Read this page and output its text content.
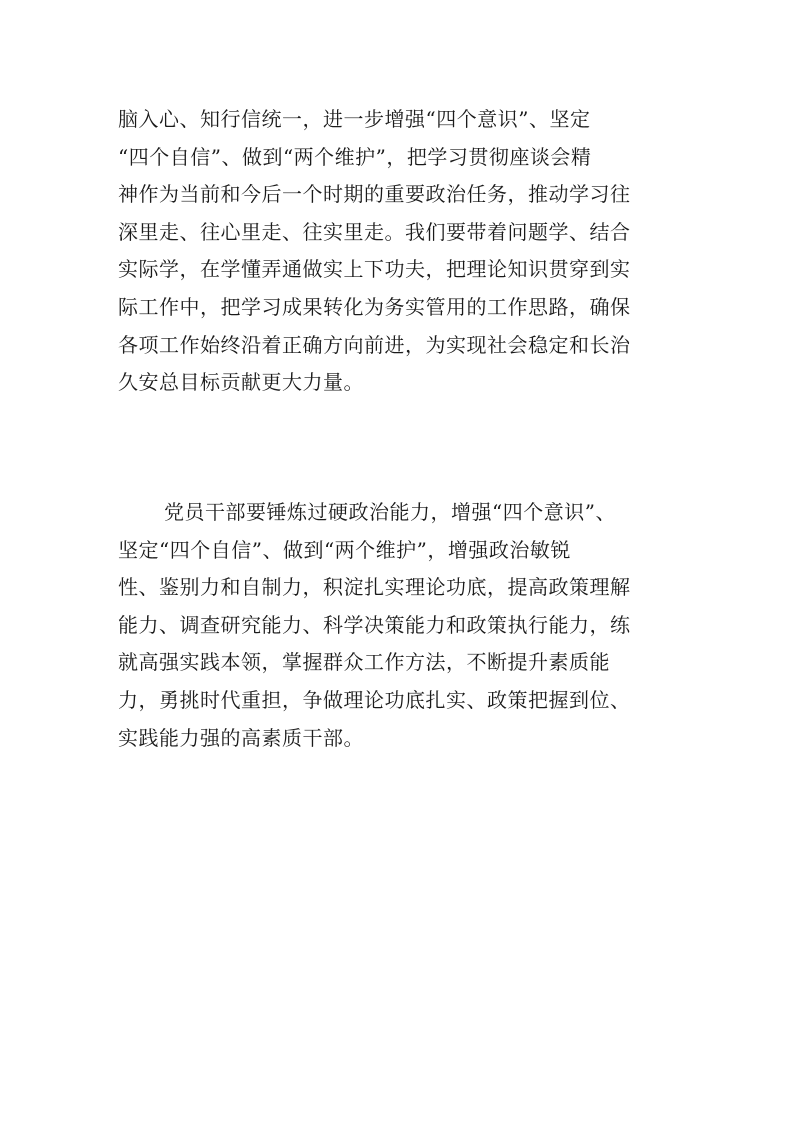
脑入心、知行信统一，进一步增强“四个意识”、坚定
“四个自信”、做到“两个维护”，把学习贯彻座谈会精
神作为当前和今后一个时期的重要政治任务，推动学习往
深里走、往心里走、往实里走。我们要带着问题学、结合
实际学，在学懂弄通做实上下功夫，把理论知识贯穿到实
际工作中，把学习成果转化为务实管用的工作思路，确保
各项工作始终沿着正确方向前进，为实现社会稳定和长治
久安总目标贡献更大力量。

党员干部要锤炼过硬政治能力，增强“四个意识”、
坚定“四个自信”、做到“两个维护”，增强政治敏锐
性、鉴别力和自制力，积淀扎实理论功底，提高政策理解
能力、调查研究能力、科学决策能力和政策执行能力，练
就高强实践本领，掌握群众工作方法，不断提升素质能
力，勇挑时代重担，争做理论功底扎实、政策把握到位、
实践能力强的高素质干部。
